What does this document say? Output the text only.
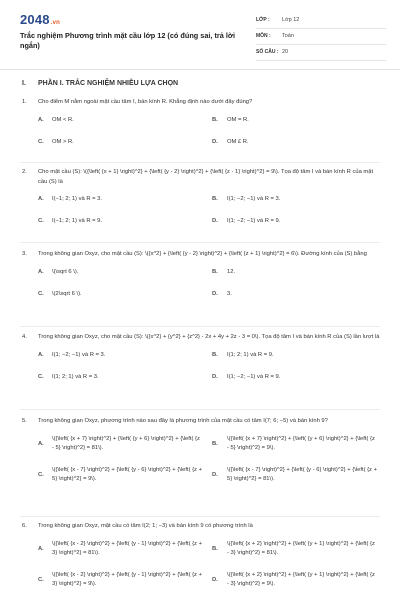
2048.vn
Trắc nghiệm Phương trình mặt cầu lớp 12 (có đúng sai, trả lời ngắn)
LỚP : Lớp 12
MÔN : Toán
SỐ CÂU : 20
I. PHẦN I. TRẮC NGHIỆM NHIỀU LỰA CHỌN
1. Cho điểm M nằm ngoài mặt cầu tâm I, bán kính R. Khẳng định nào dưới đây đúng?
A. OM < R.	B. OM = R.
C. OM > R.	D. OM £ R.
2. Cho mặt cầu (S): \({\left( {x + 1} \right)^2} + {\left( {y - 2} \right)^2} + {\left( {z - 1} \right)^2} = 9\). Tọa độ tâm I và bán kính R của mặt cầu (S) là
A. I(−1; 2; 1) và R = 3.	B. I(1; −2; −1) và R = 3.
C. I(−1; 2; 1) và R = 9.	D. I(1; −2; −1) và R = 9.
3. Trong không gian Oxyz, cho mặt cầu (S): \({x^2} + {\left( {y - 2} \right)^2} + {\left( {z + 1} \right)^2} = 6\). Đường kính của (S) bằng
A. \(\sqrt 6 \).	B. 12.
C. \(2\sqrt 6 \).	D. 3.
4. Trong không gian Oxyz, cho mặt cầu (S): \({x^2} + {y^2} + {z^2} - 2x + 4y + 2z - 3 = 0\). Tọa độ tâm I và bán kính R của (S) lần lượt là
A. I(1; −2; −1) và R = 3.	B. I(1; 2; 1) và R = 9.
C. I(1; 2; 1) và R = 3.	D. I(1; −2; −1) và R = 9.
5. Trong không gian Oxyz, phương trình nào sau đây là phương trình của mặt cầu có tâm I(7; 6; −5) và bán kính 9?
A.
\({\left( {x + 7} \right)^2} + {\left( {y + 6} \right)^2} + {\left( {z - 5} \right)^2} = 81\).
B.
\({\left( {x + 7} \right)^2} + {\left( {y + 6} \right)^2} + {\left( {z - 5} \right)^2} = 9\).
C.
\({\left( {x - 7} \right)^2} + {\left( {y - 6} \right)^2} + {\left( {z + 5} \right)^2} = 9\).
D.
\({\left( {x - 7} \right)^2} + {\left( {y - 6} \right)^2} + {\left( {z + 5} \right)^2} = 81\).
6. Trong không gian Oxyz, mặt cầu có tâm I(2; 1; −3) và bán kính 9 có phương trình là
A.
\({\left( {x - 2} \right)^2} + {\left( {y - 1} \right)^2} + {\left( {z + 3} \right)^2} = 81\).
B.
\({\left( {x + 2} \right)^2} + {\left( {y + 1} \right)^2} + {\left( {z - 3} \right)^2} = 81\).
C.
\({\left( {x - 2} \right)^2} + {\left( {y - 1} \right)^2} + {\left( {z + 3} \right)^2} = 9\).
D.
\({\left( {x + 2} \right)^2} + {\left( {y + 1} \right)^2} + {\left( {z - 3} \right)^2} = 9\).
